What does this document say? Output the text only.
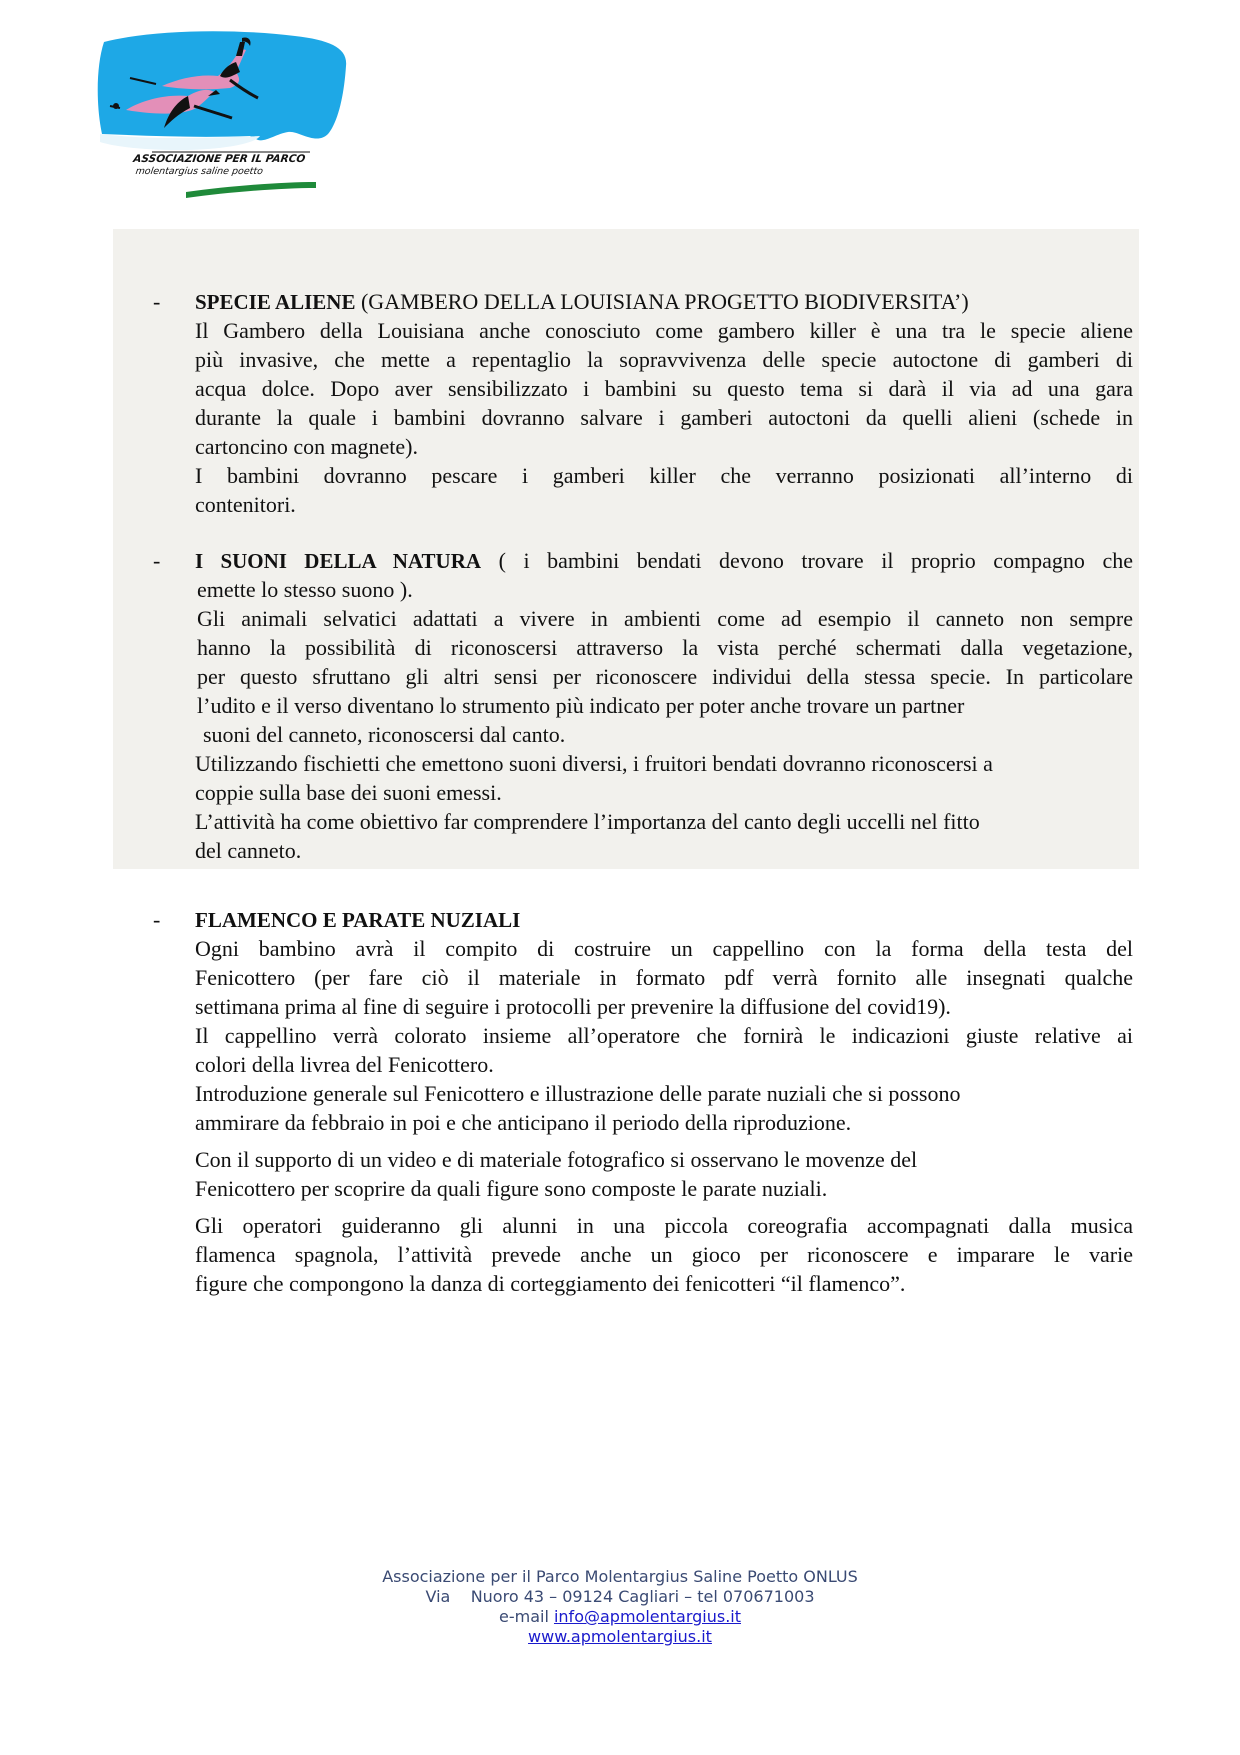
ASSOCIAZIONE PER IL PARCO
molentargius saline poetto
- SPECIE ALIENE (GAMBERO DELLA LOUISIANA PROGETTO BIODIVERSITA’)

Il Gambero della Louisiana anche conosciuto come gambero killer è una tra le specie aliene

più invasive, che mette a repentaglio la sopravvivenza delle specie autoctone di gamberi di

acqua dolce. Dopo aver sensibilizzato i bambini su questo tema si darà il via ad una gara

durante la quale i bambini dovranno salvare i gamberi autoctoni da quelli alieni (schede in

cartoncino con magnete).

I bambini dovranno pescare i gamberi killer che verranno posizionati all’interno di

contenitori.

- I SUONI DELLA NATURA ( i bambini bendati devono trovare il proprio compagno che

emette lo stesso suono ).

Gli animali selvatici adattati a vivere in ambienti come ad esempio il canneto non sempre

hanno la possibilità di riconoscersi attraverso la vista perché schermati dalla vegetazione,

per questo sfruttano gli altri sensi per riconoscere individui della stessa specie. In particolare

l’udito e il verso diventano lo strumento più indicato per poter anche trovare un partner

suoni del canneto, riconoscersi dal canto.

Utilizzando fischietti che emettono suoni diversi, i fruitori bendati dovranno riconoscersi a

coppie sulla base dei suoni emessi.

L’attività ha come obiettivo far comprendere l’importanza del canto degli uccelli nel fitto

del canneto.

- FLAMENCO E PARATE NUZIALI

Ogni bambino avrà il compito di costruire un cappellino con la forma della testa del

Fenicottero (per fare ciò il materiale in formato pdf verrà fornito alle insegnati qualche

settimana prima al fine di seguire i protocolli per prevenire la diffusione del covid19).

Il cappellino verrà colorato insieme all’operatore che fornirà le indicazioni giuste relative ai

colori della livrea del Fenicottero.

Introduzione generale sul Fenicottero e illustrazione delle parate nuziali che si possono

ammirare da febbraio in poi e che anticipano il periodo della riproduzione.

Con il supporto di un video e di materiale fotografico si osservano le movenze del

Fenicottero per scoprire da quali figure sono composte le parate nuziali.

Gli operatori guideranno gli alunni in una piccola coreografia accompagnati dalla musica

flamenca spagnola, l’attività prevede anche un gioco per riconoscere e imparare le varie

figure che compongono la danza di corteggiamento dei fenicotteri “il flamenco”.

Associazione per il Parco Molentargius Saline Poetto ONLUS
Via    Nuoro 43 – 09124 Cagliari – tel 070671003
e-mail info@apmolentargius.it
www.apmolentargius.it
